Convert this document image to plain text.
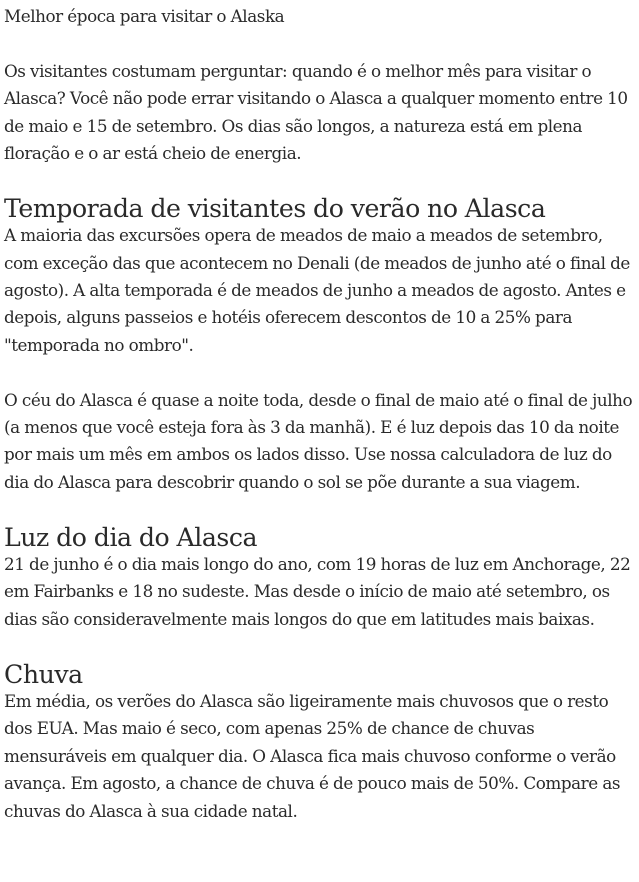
Melhor época para visitar o Alaska

Os visitantes costumam perguntar: quando é o melhor mês para visitar o Alasca? Você não pode errar visitando o Alasca a qualquer momento entre 10 de maio e 15 de setembro. Os dias são longos, a natureza está em plena floração e o ar está cheio de energia.

Temporada de visitantes do verão no Alasca

A maioria das excursões opera de meados de maio a meados de setembro, com exceção das que acontecem no Denali (de meados de junho até o final de agosto). A alta temporada é de meados de junho a meados de agosto. Antes e depois, alguns passeios e hotéis oferecem descontos de 10 a 25% para "temporada no ombro".

O céu do Alasca é quase a noite toda, desde o final de maio até o final de julho (a menos que você esteja fora às 3 da manhã). E é luz depois das 10 da noite por mais um mês em ambos os lados disso. Use nossa calculadora de luz do dia do Alasca para descobrir quando o sol se põe durante a sua viagem.

Luz do dia do Alasca

21 de junho é o dia mais longo do ano, com 19 horas de luz em Anchorage, 22 em Fairbanks e 18 no sudeste. Mas desde o início de maio até setembro, os dias são consideravelmente mais longos do que em latitudes mais baixas.

Chuva

Em média, os verões do Alasca são ligeiramente mais chuvosos que o resto dos EUA. Mas maio é seco, com apenas 25% de chance de chuvas mensuráveis em qualquer dia. O Alasca fica mais chuvoso conforme o verão avança. Em agosto, a chance de chuva é de pouco mais de 50%. Compare as chuvas do Alasca à sua cidade natal.
